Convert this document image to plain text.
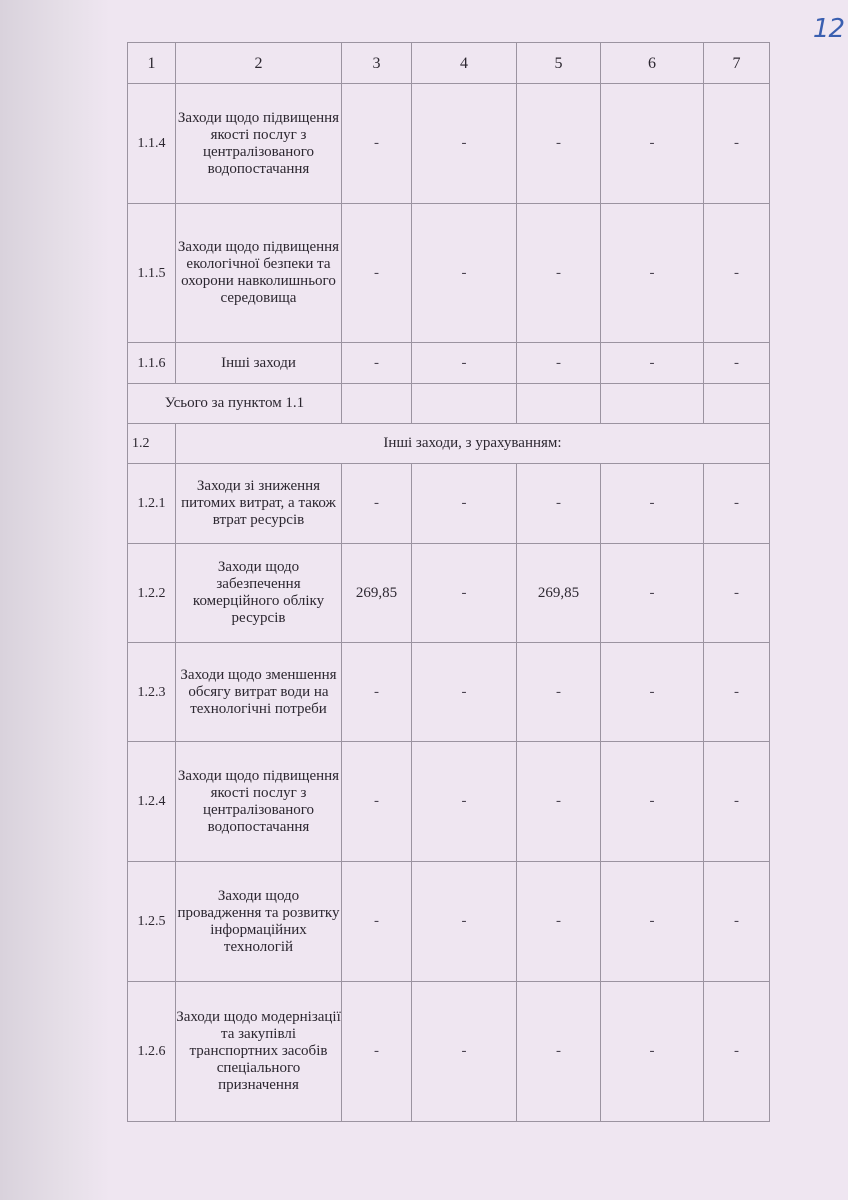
12
1	2	3	4	5	6	7
1.1.4	Заходи щодо підвищення якості послуг з централізованого водопостачання	-	-	-	-	-
1.1.5	Заходи щодо підвищення екологічної безпеки та охорони навколишнього середовища	-	-	-	-	-
1.1.6	Інші заходи	-	-	-	-	-
Усього за пунктом 1.1						
1.2	Інші заходи, з урахуванням:					
1.2.1	Заходи зі зниження питомих витрат, а також втрат ресурсів	-	-	-	-	-
1.2.2	Заходи щодо забезпечення комерційного обліку ресурсів	269,85	-	269,85	-	-
1.2.3	Заходи щодо зменшення обсягу витрат води на технологічні потреби	-	-	-	-	-
1.2.4	Заходи щодо підвищення якості послуг з централізованого водопостачання	-	-	-	-	-
1.2.5	Заходи щодо провадження та розвитку інформаційних технологій	-	-	-	-	-
1.2.6	Заходи щодо модернізації та закупівлі транспортних засобів спеціального призначення	-	-	-	-	-
